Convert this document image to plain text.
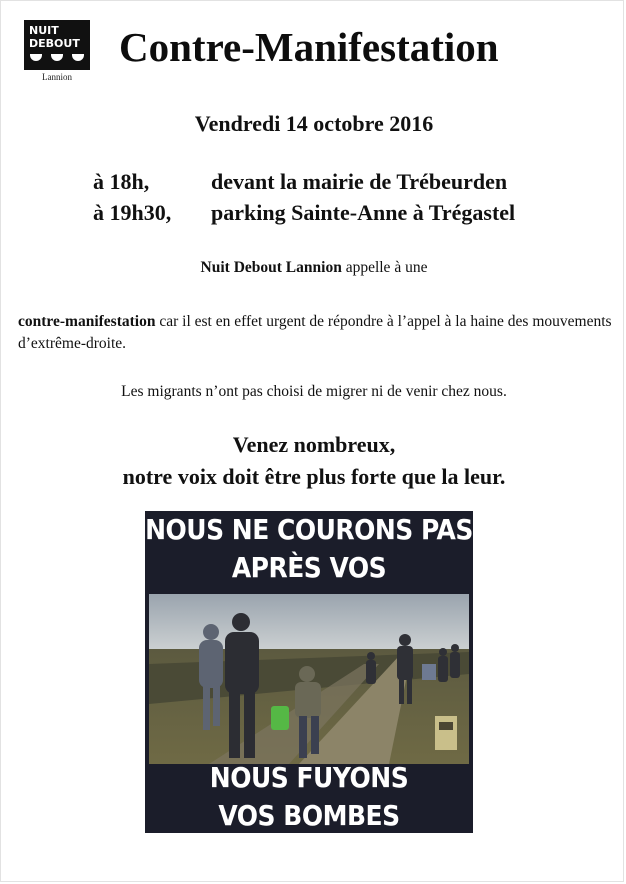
NUIT
DEBOUT
Lannion
Contre-Manifestation
Vendredi 14 octobre 2016
à 18h,	devant la mairie de Trébeurden
à 19h30, parking Sainte-Anne à Trégastel
Nuit Debout Lannion appelle à une
contre-manifestation car il est en effet urgent de répondre à l’appel à la haine des mouvements d’extrême-droite.
Les migrants n’ont pas choisi de migrer ni de venir chez nous.
Venez nombreux,
notre voix doit être plus forte que la leur.
NOUS NE COURONS PAS
APRÈS VOS
NOUS FUYONS
VOS BOMBES
